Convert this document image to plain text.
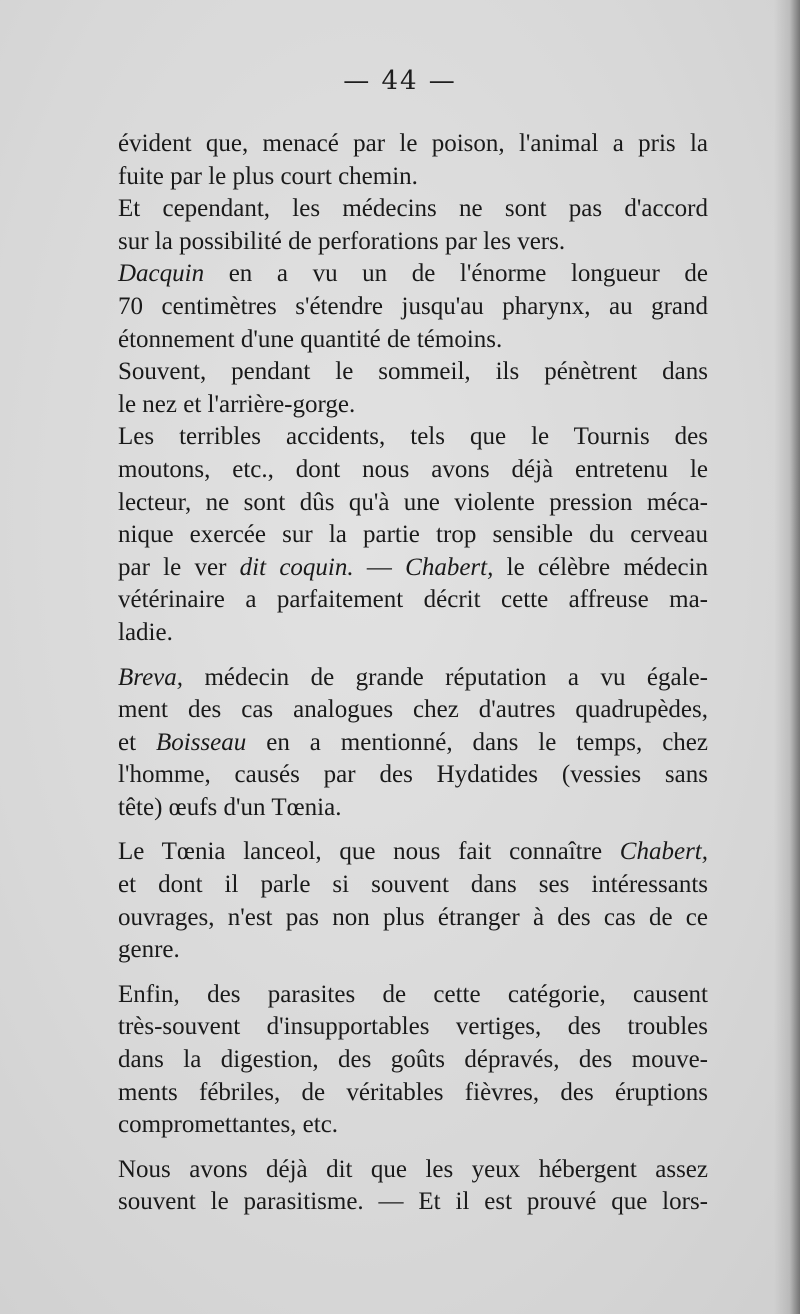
— 44 —

évident que, menacé par le poison, l'animal a pris la
fuite par le plus court chemin.

Et cependant, les médecins ne sont pas d'accord
sur la possibilité de perforations par les vers.

Dacquin en a vu un de l'énorme longueur de
70 centimètres s'étendre jusqu'au pharynx, au grand
étonnement d'une quantité de témoins.

Souvent, pendant le sommeil, ils pénètrent dans
le nez et l'arrière-gorge.

Les terribles accidents, tels que le Tournis des
moutons, etc., dont nous avons déjà entretenu le
lecteur, ne sont dûs qu'à une violente pression méca-
nique exercée sur la partie trop sensible du cerveau
par le ver dit coquin. — Chabert, le célèbre médecin
vétérinaire a parfaitement décrit cette affreuse ma-
ladie.

Breva, médecin de grande réputation a vu égale-
ment des cas analogues chez d'autres quadrupèdes,
et Boisseau en a mentionné, dans le temps, chez
l'homme, causés par des Hydatides (vessies sans
tête) œufs d'un Tœnia.

Le Tœnia lanceol, que nous fait connaître Chabert,
et dont il parle si souvent dans ses intéressants
ouvrages, n'est pas non plus étranger à des cas de ce
genre.

Enfin, des parasites de cette catégorie, causent
très-souvent d'insupportables vertiges, des troubles
dans la digestion, des goûts dépravés, des mouve-
ments fébriles, de véritables fièvres, des éruptions
compromettantes, etc.

Nous avons déjà dit que les yeux hébergent assez
souvent le parasitisme. — Et il est prouvé que lors-
